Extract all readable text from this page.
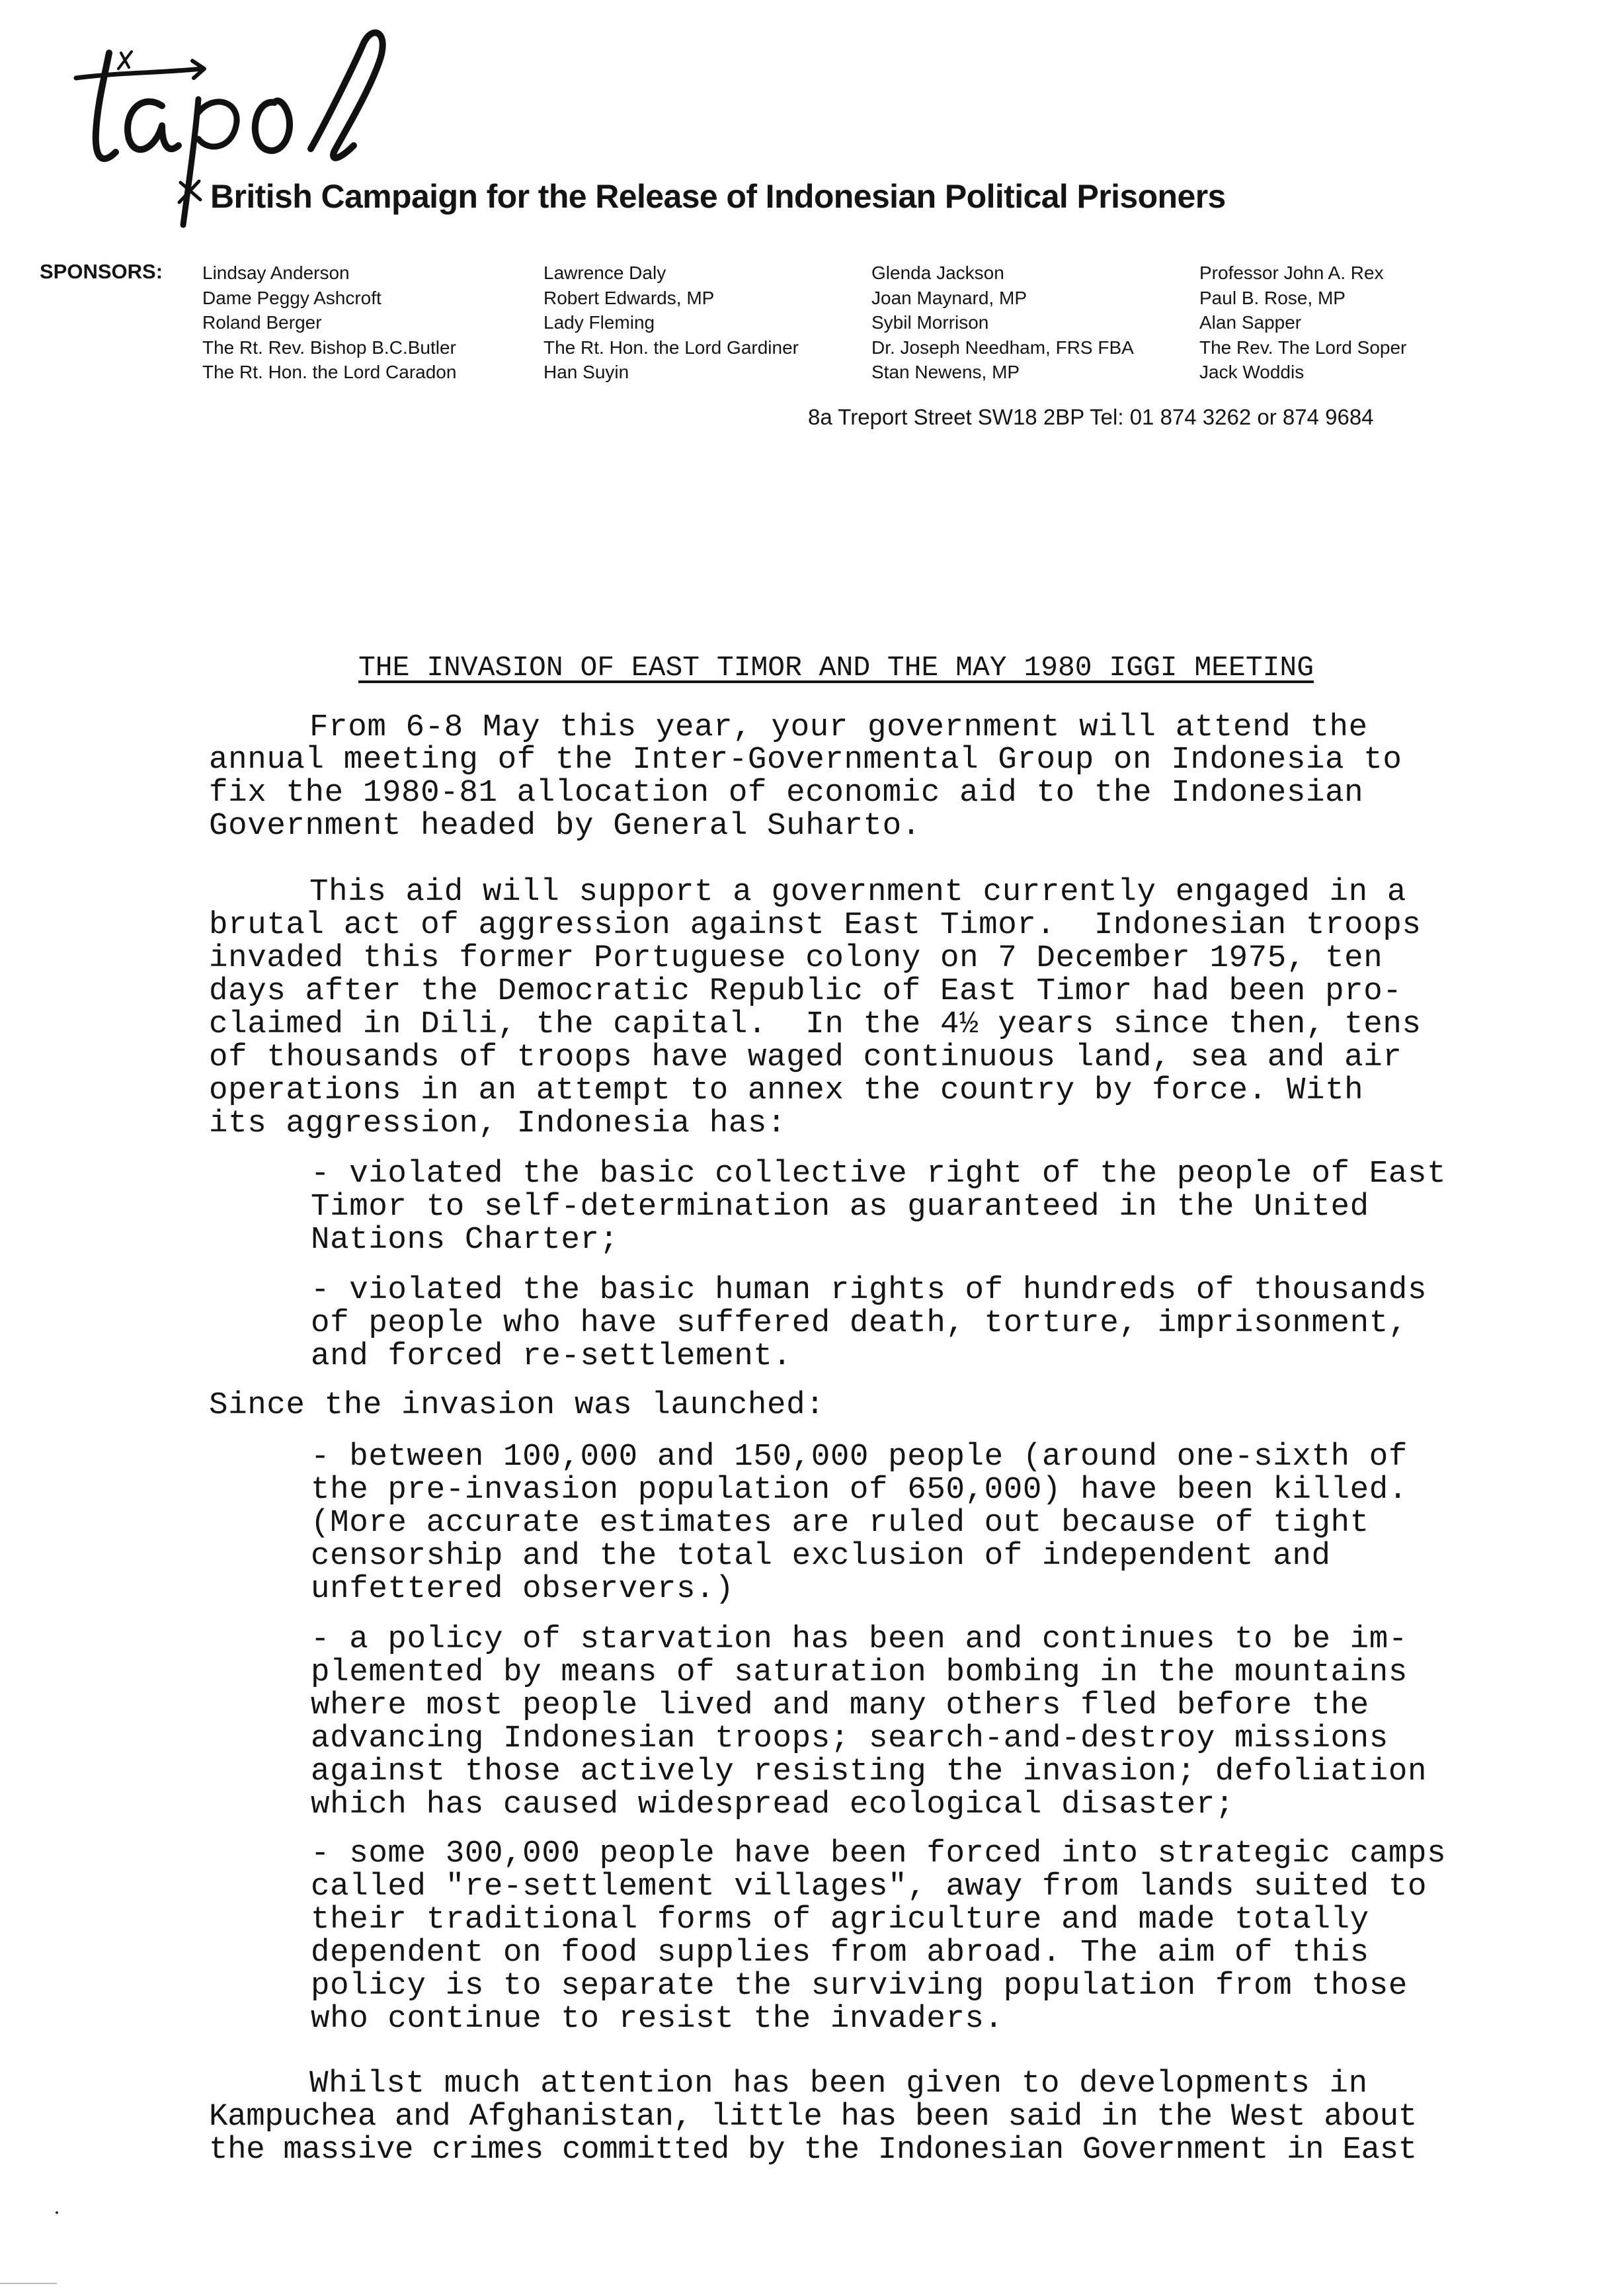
tapol
British Campaign for the Release of Indonesian Political Prisoners
SPONSORS: Lindsay Anderson
Dame Peggy Ashcroft
Roland Berger
The Rt. Rev. Bishop B.C.Butler
The Rt. Hon. the Lord Caradon
Lawrence Daly
Robert Edwards, MP
Lady Fleming
The Rt. Hon. the Lord Gardiner
Han Suyin
Glenda Jackson
Joan Maynard, MP
Sybil Morrison
Dr. Joseph Needham, FRS FBA
Stan Newens, MP
Professor John A. Rex
Paul B. Rose, MP
Alan Sapper
The Rev. The Lord Soper
Jack Woddis
8a Treport Street SW18 2BP Tel: 01 874 3262 or 874 9684
THE INVASION OF EAST TIMOR AND THE MAY 1980 IGGI MEETING
From 6-8 May this year, your government will attend the
annual meeting of the Inter-Governmental Group on Indonesia to
fix the 1980-81 allocation of economic aid to the Indonesian
Government headed by General Suharto.
This aid will support a government currently engaged in a
brutal act of aggression against East Timor.  Indonesian troops
invaded this former Portuguese colony on 7 December 1975, ten
days after the Democratic Republic of East Timor had been pro-
claimed in Dili, the capital.  In the 4½ years since then, tens
of thousands of troops have waged continuous land, sea and air
operations in an attempt to annex the country by force. With
its aggression, Indonesia has:
- violated the basic collective right of the people of East
Timor to self-determination as guaranteed in the United
Nations Charter;
- violated the basic human rights of hundreds of thousands
of people who have suffered death, torture, imprisonment,
and forced re-settlement.
Since the invasion was launched:
- between 100,000 and 150,000 people (around one-sixth of
the pre-invasion population of 650,000) have been killed.
(More accurate estimates are ruled out because of tight
censorship and the total exclusion of independent and
unfettered observers.)
- a policy of starvation has been and continues to be im-
plemented by means of saturation bombing in the mountains
where most people lived and many others fled before the
advancing Indonesian troops; search-and-destroy missions
against those actively resisting the invasion; defoliation
which has caused widespread ecological disaster;
- some 300,000 people have been forced into strategic camps
called "re-settlement villages", away from lands suited to
their traditional forms of agriculture and made totally
dependent on food supplies from abroad. The aim of this
policy is to separate the surviving population from those
who continue to resist the invaders.
Whilst much attention has been given to developments in
Kampuchea and Afghanistan, little has been said in the West about
the massive crimes committed by the Indonesian Government in East
·
